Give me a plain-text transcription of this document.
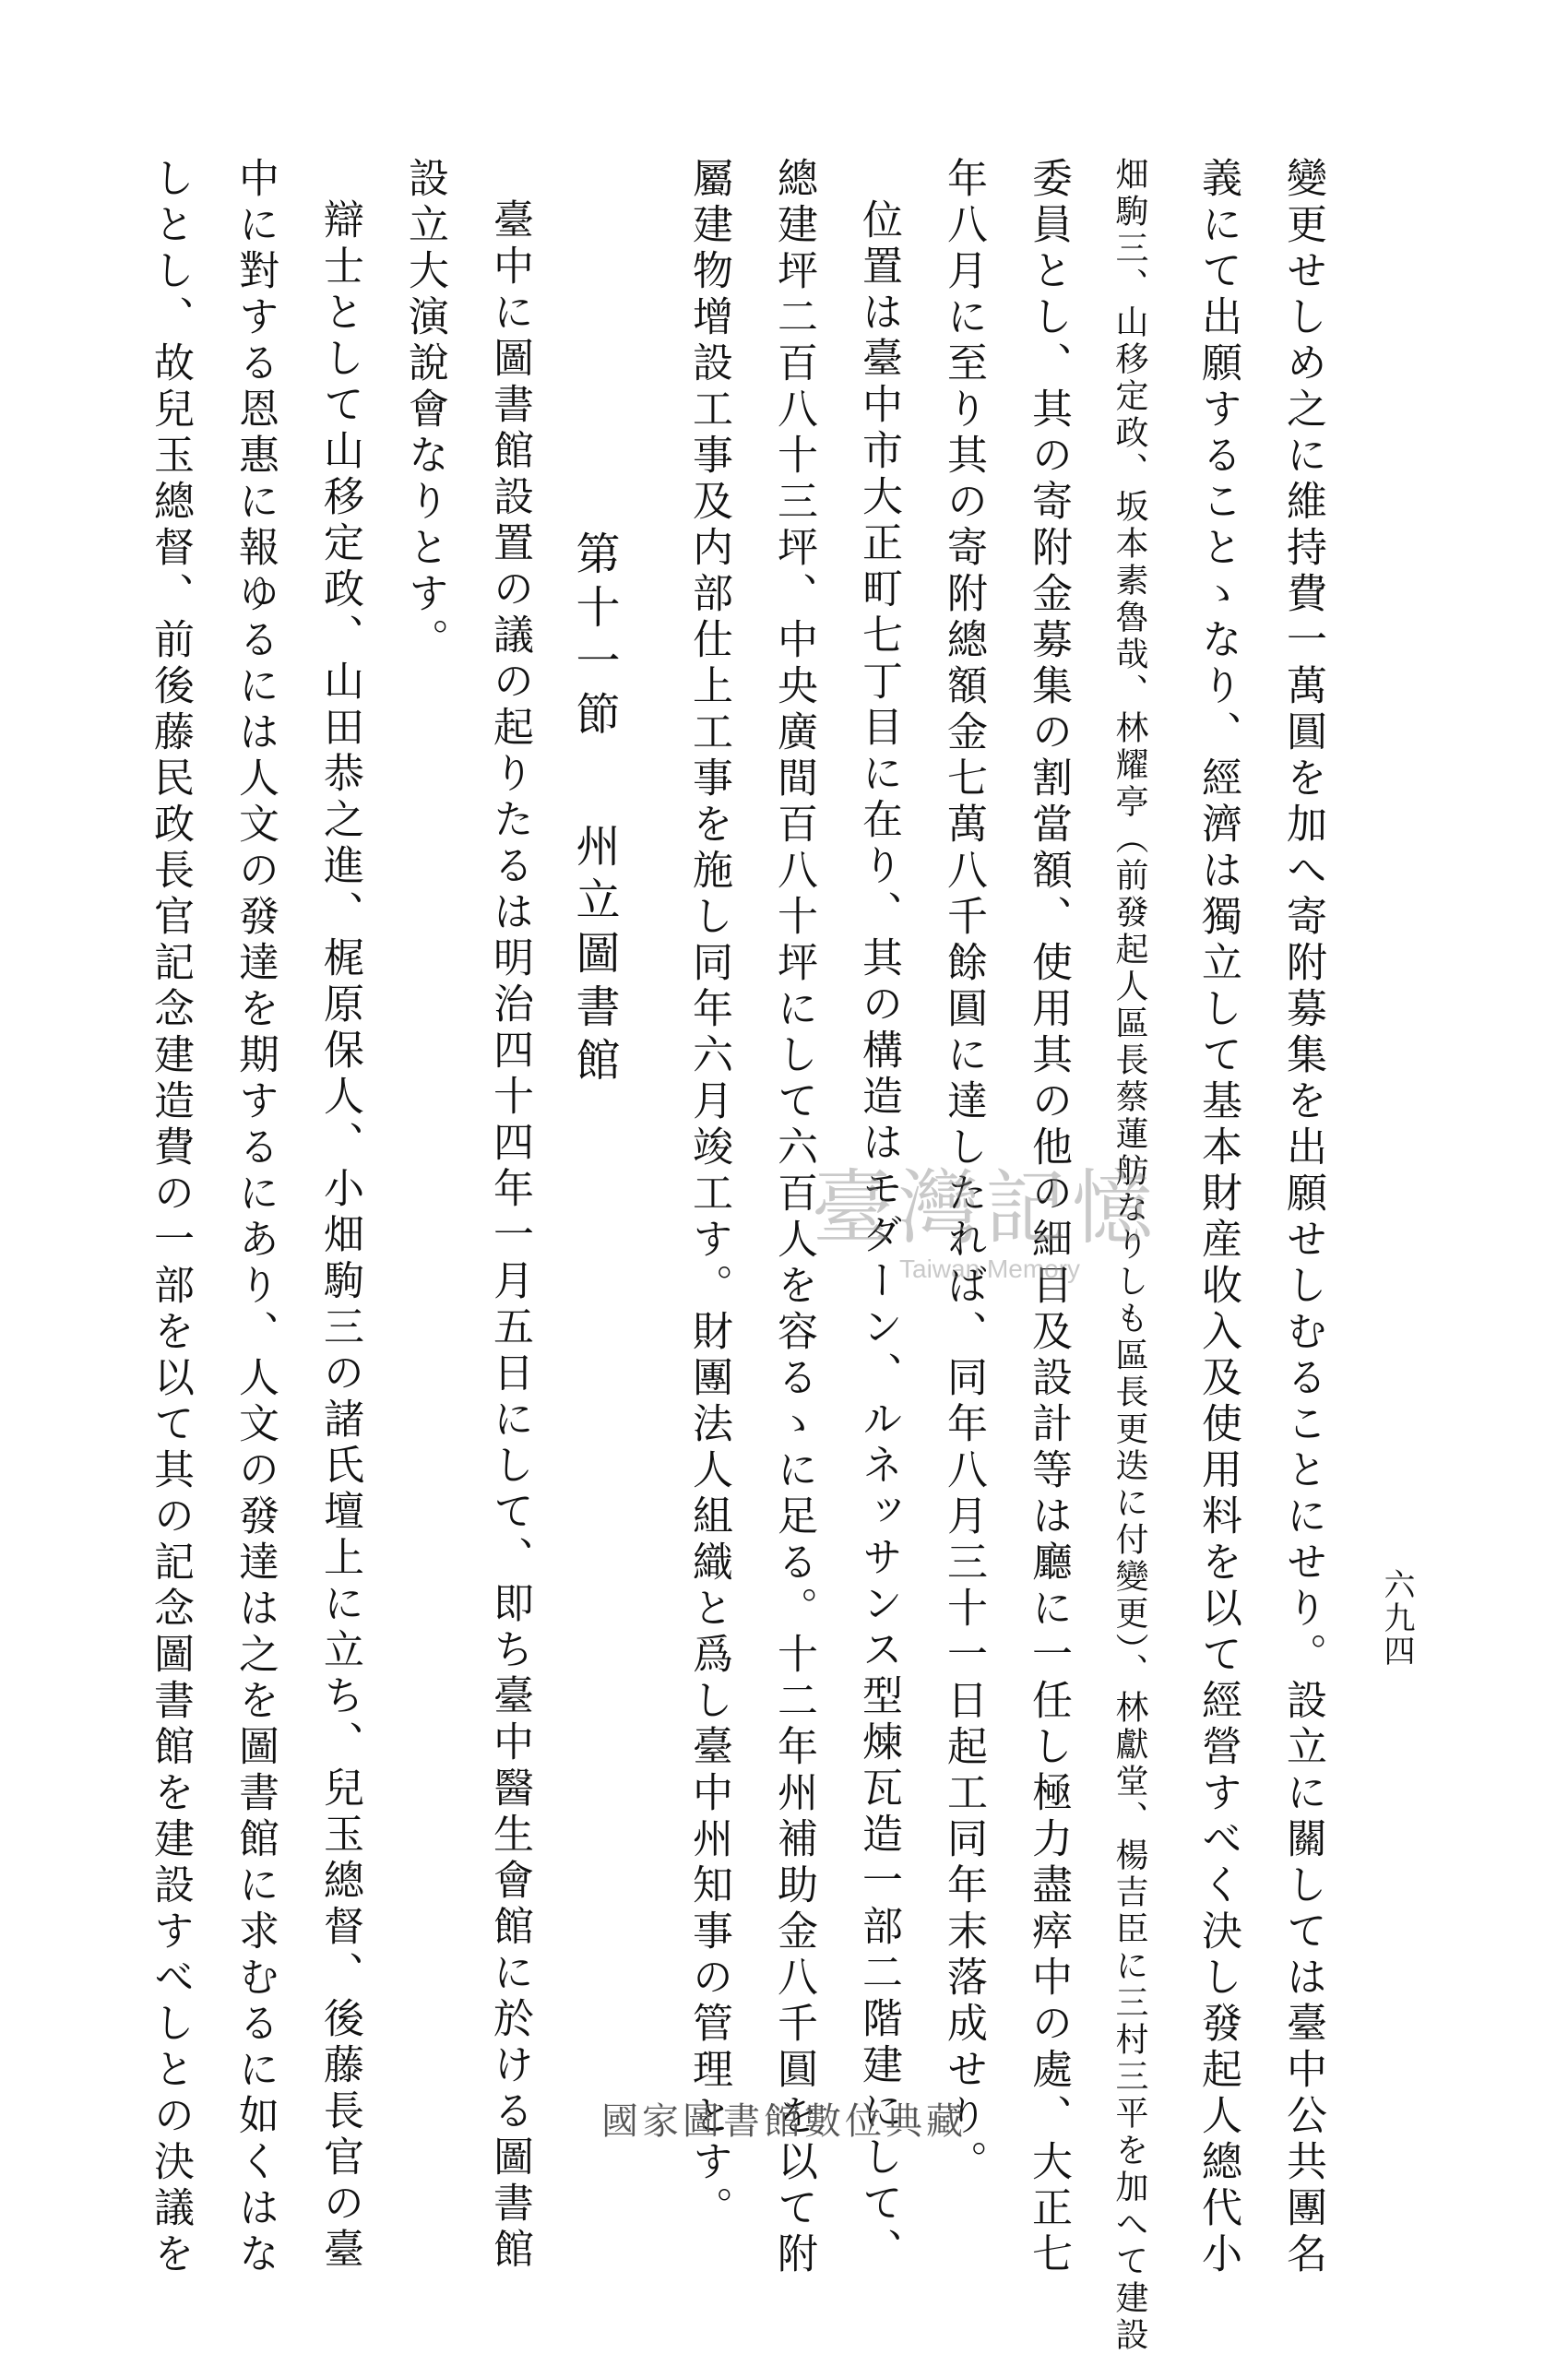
六九四
變更せしめ之に維持費一萬圓を加へ寄附募集を出願せしむることにせり。設立に關しては臺中公共團名
義にて出願することゝなり、經濟は獨立して基本財産收入及使用料を以て經營すべく決し發起人總代小
畑駒三、山移定政、坂本素魯哉、林耀亭（前發起人區長蔡蓮舫なりしも區長更迭に付變更）、林獻堂、楊吉臣に三村三平を加へて建設
委員とし、其の寄附金募集の割當額、使用其の他の細目及設計等は廳に一任し極力盡瘁中の處、大正七
年八月に至り其の寄附總額金七萬八千餘圓に達したれば、同年八月三十一日起工同年末落成せり。
位置は臺中市大正町七丁目に在り、其の構造はモダーン、ルネッサンス型煉瓦造一部二階建にして、
總建坪二百八十三坪、中央廣間百八十坪にして六百人を容るゝに足る。十二年州補助金八千圓を以て附
屬建物增設工事及内部仕上工事を施し同年六月竣工す。財團法人組織と爲し臺中州知事の管理とす。
第十一節 州立圖書館
臺中に圖書館設置の議の起りたるは明治四十四年一月五日にして、即ち臺中醫生會館に於ける圖書館
設立大演說會なりとす。
辯士として山移定政、山田恭之進、梶原保人、小畑駒三の諸氏壇上に立ち、兒玉總督、後藤長官の臺
中に對する恩惠に報ゆるには人文の發達を期するにあり、人文の發達は之を圖書館に求むるに如くはな
しとし、故兒玉總督、前後藤民政長官記念建造費の一部を以て其の記念圖書館を建設すべしとの決議を	臺灣記憶
Taiwan Memory
國家圖書館數位典藏
